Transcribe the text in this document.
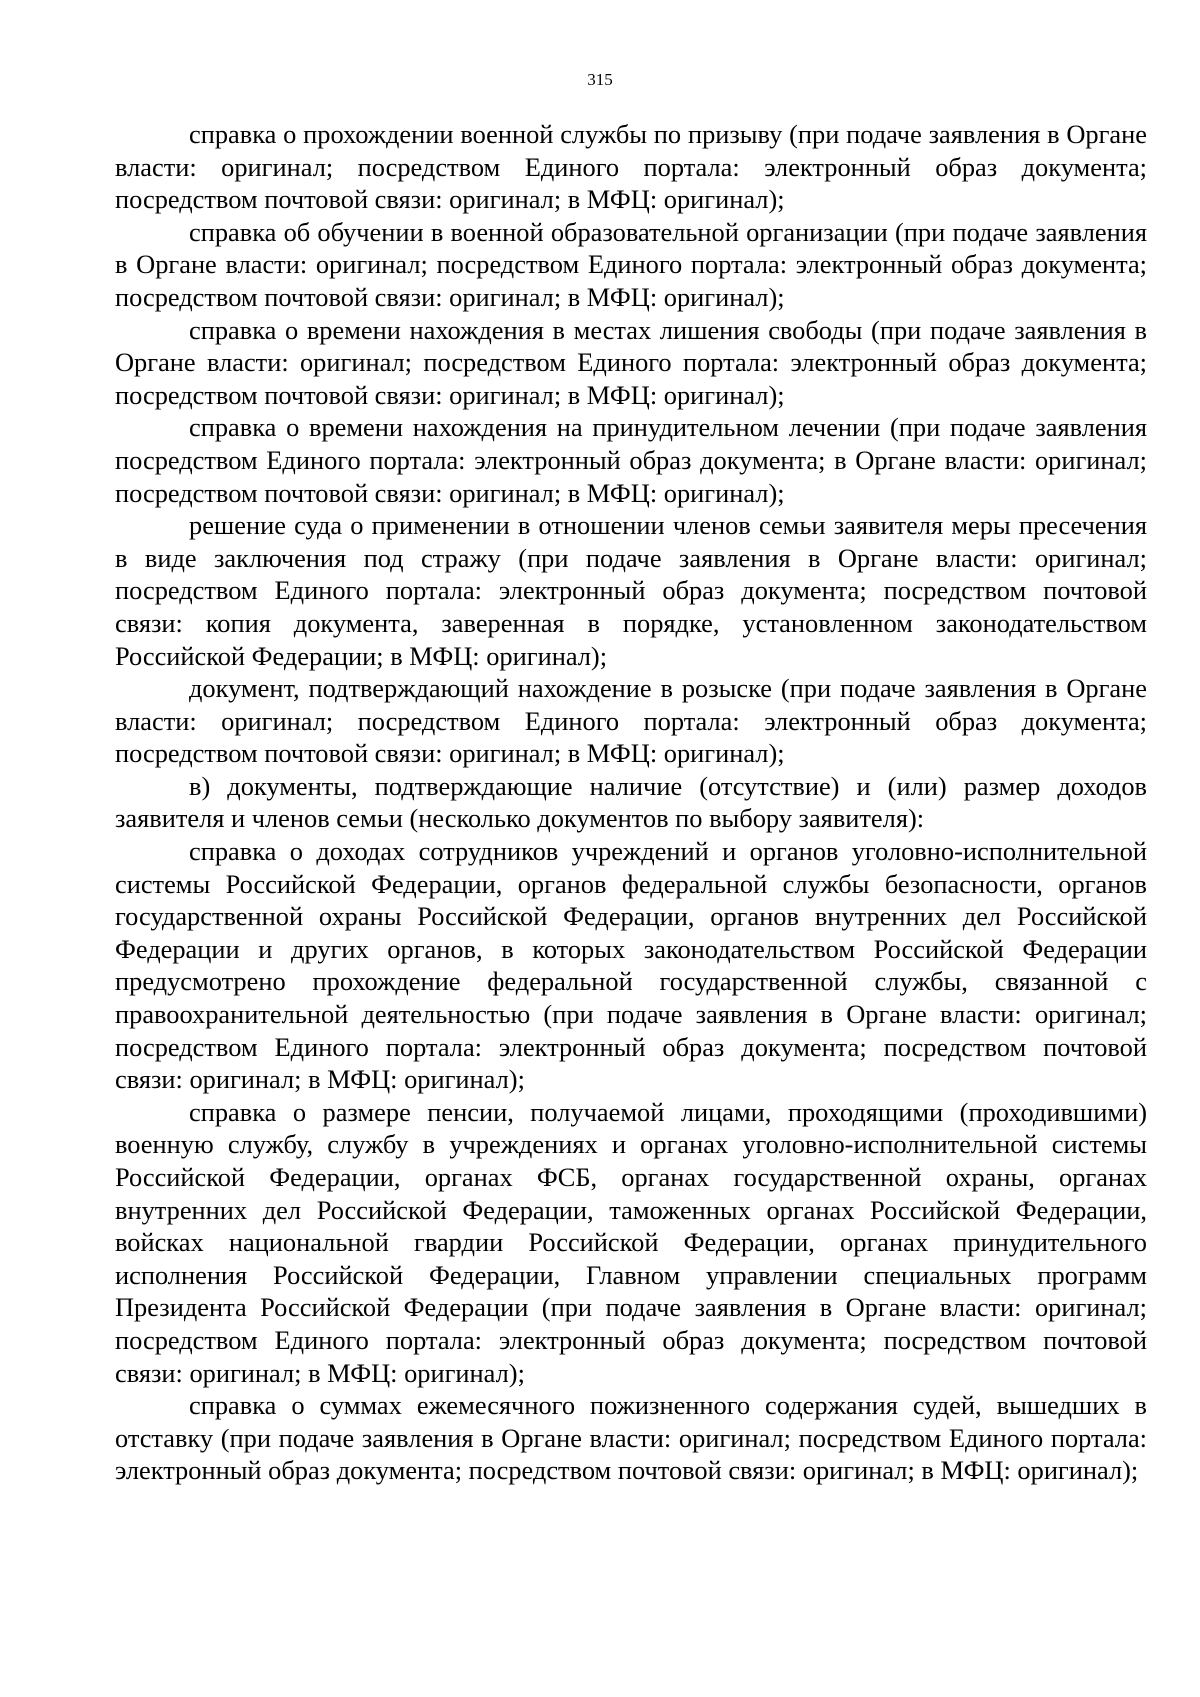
315

справка о прохождении военной службы по призыву (при подаче заявления в Органе власти: оригинал; посредством Единого портала: электронный образ документа; посредством почтовой связи: оригинал; в МФЦ: оригинал);

справка об обучении в военной образовательной организации (при подаче заявления в Органе власти: оригинал; посредством Единого портала: электронный образ документа; посредством почтовой связи: оригинал; в МФЦ: оригинал);

справка о времени нахождения в местах лишения свободы (при подаче заявления в Органе власти: оригинал; посредством Единого портала: электронный образ документа; посредством почтовой связи: оригинал; в МФЦ: оригинал);

справка о времени нахождения на принудительном лечении (при подаче заявления посредством Единого портала: электронный образ документа; в Органе власти: оригинал; посредством почтовой связи: оригинал; в МФЦ: оригинал);

решение суда о применении в отношении членов семьи заявителя меры пресечения в виде заключения под стражу (при подаче заявления в Органе власти: оригинал; посредством Единого портала: электронный образ документа; посредством почтовой связи: копия документа, заверенная в порядке, установленном законодательством Российской Федерации; в МФЦ: оригинал);

документ, подтверждающий нахождение в розыске (при подаче заявления в Органе власти: оригинал; посредством Единого портала: электронный образ документа; посредством почтовой связи: оригинал; в МФЦ: оригинал);

в) документы, подтверждающие наличие (отсутствие) и (или) размер доходов заявителя и членов семьи (несколько документов по выбору заявителя):

справка о доходах сотрудников учреждений и органов уголовно-исполнительной системы Российской Федерации, органов федеральной службы безопасности, органов государственной охраны Российской Федерации, органов внутренних дел Российской Федерации и других органов, в которых законодательством Российской Федерации предусмотрено прохождение федеральной государственной службы, связанной с правоохранительной деятельностью (при подаче заявления в Органе власти: оригинал; посредством Единого портала: электронный образ документа; посредством почтовой связи: оригинал; в МФЦ: оригинал);

справка о размере пенсии, получаемой лицами, проходящими (проходившими) военную службу, службу в учреждениях и органах уголовно-исполнительной системы Российской Федерации, органах ФСБ, органах государственной охраны, органах внутренних дел Российской Федерации, таможенных органах Российской Федерации, войсках национальной гвардии Российской Федерации, органах принудительного исполнения Российской Федерации, Главном управлении специальных программ Президента Российской Федерации (при подаче заявления в Органе власти: оригинал; посредством Единого портала: электронный образ документа; посредством почтовой связи: оригинал; в МФЦ: оригинал);

справка о суммах ежемесячного пожизненного содержания судей, вышедших в отставку (при подаче заявления в Органе власти: оригинал; посредством Единого портала: электронный образ документа; посредством почтовой связи: оригинал; в МФЦ: оригинал);
